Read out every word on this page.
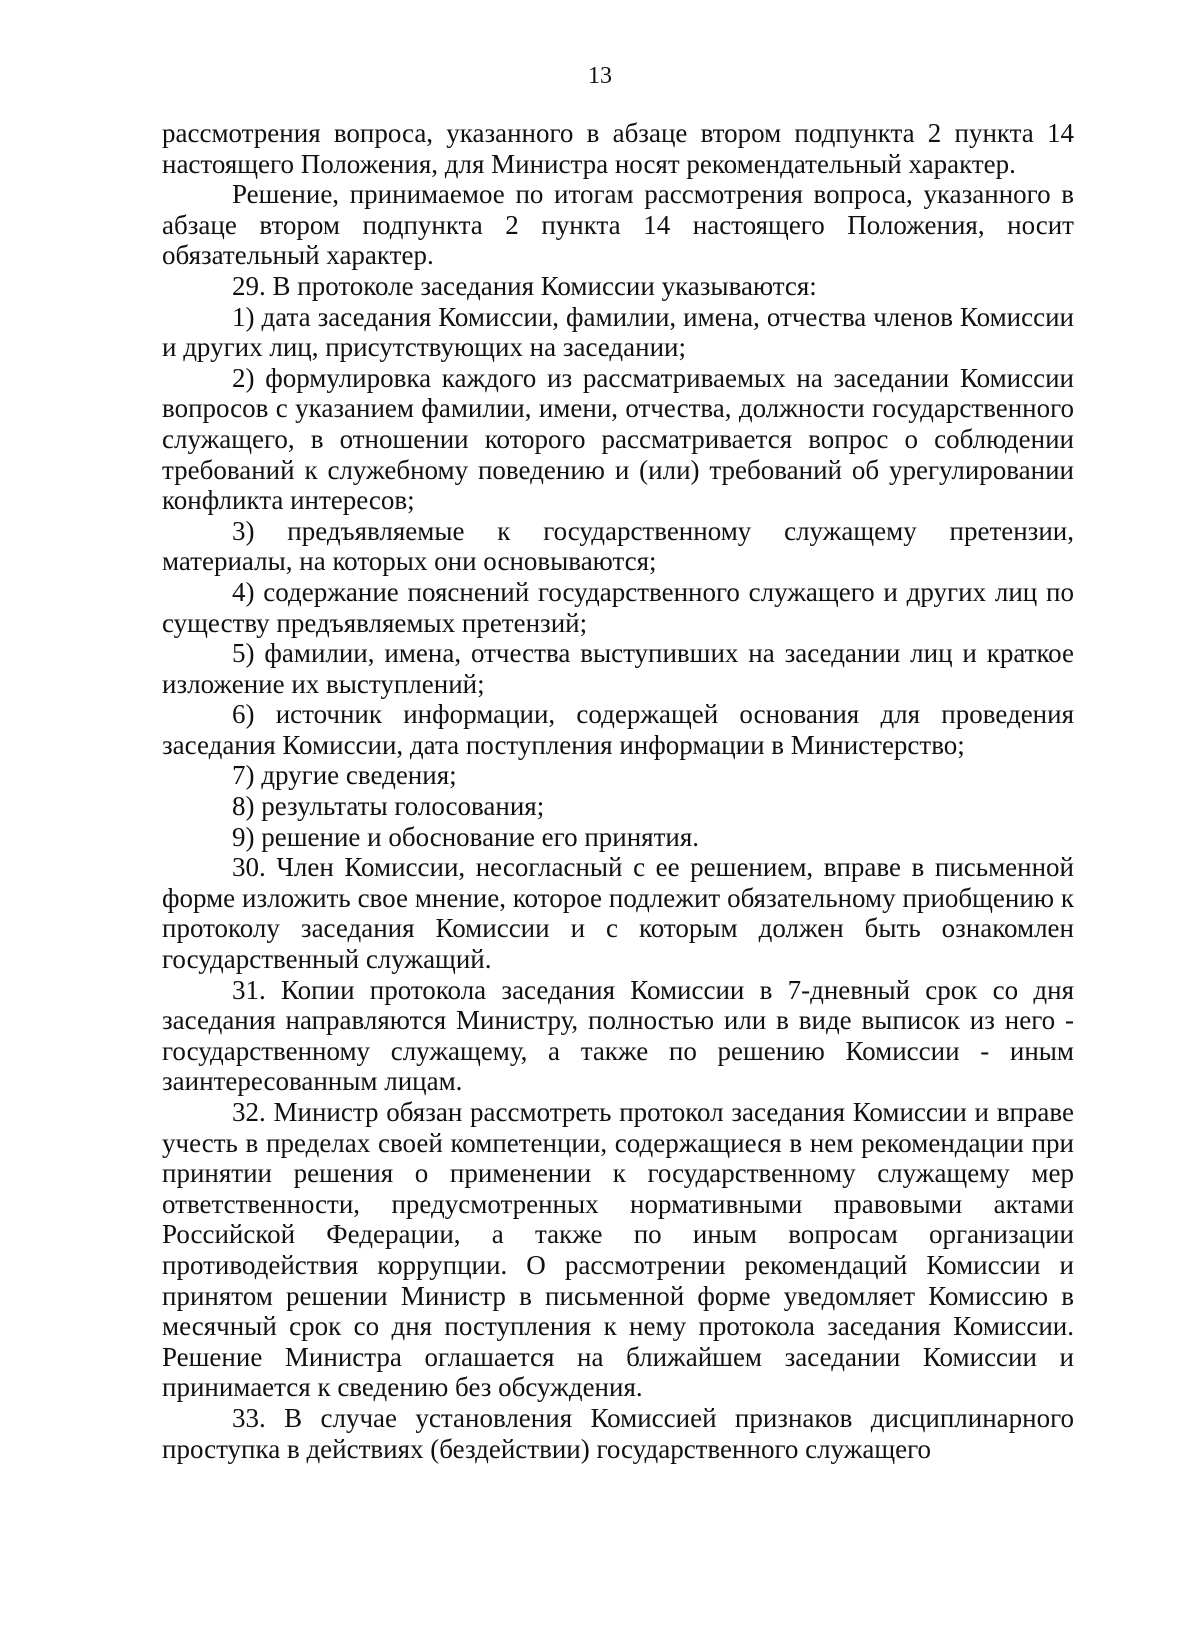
13

рассмотрения вопроса, указанного в абзаце втором подпункта 2 пункта 14 настоящего Положения, для Министра носят рекомендательный характер.

Решение, принимаемое по итогам рассмотрения вопроса, указанного в абзаце втором подпункта 2 пункта 14 настоящего Положения, носит обязательный характер.

29. В протоколе заседания Комиссии указываются:

1) дата заседания Комиссии, фамилии, имена, отчества членов Комиссии и других лиц, присутствующих на заседании;

2) формулировка каждого из рассматриваемых на заседании Комиссии вопросов с указанием фамилии, имени, отчества, должности государственного служащего, в отношении которого рассматривается вопрос о соблюдении требований к служебному поведению и (или) требований об урегулировании конфликта интересов;

3) предъявляемые к государственному служащему претензии, материалы, на которых они основываются;

4) содержание пояснений государственного служащего и других лиц по существу предъявляемых претензий;

5) фамилии, имена, отчества выступивших на заседании лиц и краткое изложение их выступлений;

6) источник информации, содержащей основания для проведения заседания Комиссии, дата поступления информации в Министерство;

7) другие сведения;

8) результаты голосования;

9) решение и обоснование его принятия.

30. Член Комиссии, несогласный с ее решением, вправе в письменной форме изложить свое мнение, которое подлежит обязательному приобщению к протоколу заседания Комиссии и с которым должен быть ознакомлен государственный служащий.

31. Копии протокола заседания Комиссии в 7-дневный срок со дня заседания направляются Министру, полностью или в виде выписок из него - государственному служащему, а также по решению Комиссии - иным заинтересованным лицам.

32. Министр обязан рассмотреть протокол заседания Комиссии и вправе учесть в пределах своей компетенции, содержащиеся в нем рекомендации при принятии решения о применении к государственному служащему мер ответственности, предусмотренных нормативными правовыми актами Российской Федерации, а также по иным вопросам организации противодействия коррупции. О рассмотрении рекомендаций Комиссии и принятом решении Министр в письменной форме уведомляет Комиссию в месячный срок со дня поступления к нему протокола заседания Комиссии. Решение Министра оглашается на ближайшем заседании Комиссии и принимается к сведению без обсуждения.

33. В случае установления Комиссией признаков дисциплинарного проступка в действиях (бездействии) государственного служащего
